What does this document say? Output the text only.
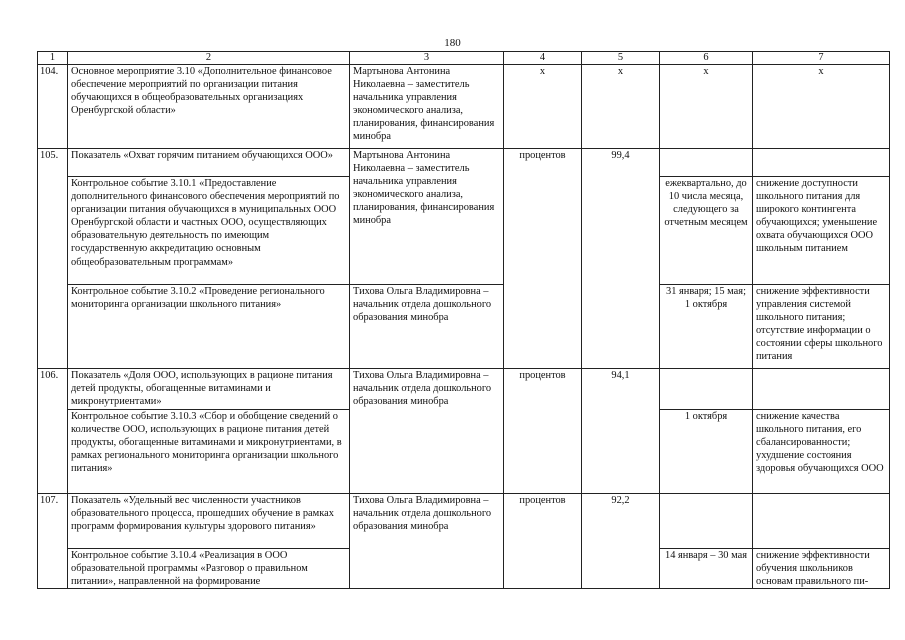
180
1	2	3	4	5	6	7
104.	Основное мероприятие 3.10 «Дополнительное финансовое обеспечение мероприятий по организации питания обучающихся в общеобразовательных организациях Оренбургской области»	Мартынова Антонина Николаевна – заместитель начальника управления экономического анализа, планирования, финансирования минобра	х	х	х	х
105.	Показатель «Охват горячим питанием обучающихся ООО»	Мартынова Антонина Николаевна – заместитель начальника управления экономического анализа, планирования, финансирования минобра	процентов	99,4		
	Контрольное событие 3.10.1 «Предоставление дополнительного финансового обеспечения мероприятий по организации питания обучающихся в муниципальных ООО Оренбургской области и частных ООО, осуществляющих образовательную деятельность по имеющим государственную аккредитацию основным общеобразовательным программам»				ежеквартально, до 10 числа месяца, следующего за отчетным месяцем	снижение доступности школьного питания для широкого контингента обучающихся; уменьшение охвата обучающихся ООО школьным питанием
	Контрольное событие 3.10.2 «Проведение регионального мониторинга организации школьного питания»	Тихова Ольга Владимировна – начальник отдела дошкольного образования минобра			31 января; 15 мая; 1 октября	снижение эффективности управления системой школьного питания; отсутствие информации о состоянии сферы школьного питания
106.	Показатель «Доля ООО, использующих в рационе питания детей продукты, обогащенные витаминами и микронутриентами»	Тихова Ольга Владимировна – начальник отдела дошкольного образования минобра	процентов	94,1		
	Контрольное событие 3.10.3 «Сбор и обобщение сведений о количестве ООО, использующих в рационе питания детей продукты, обогащенные витаминами и микронутриентами, в рамках регионального мониторинга организации школьного питания»				1 октября	снижение качества школьного питания, его сбалансированности; ухудшение состояния здоровья обучающихся ООО
107.	Показатель «Удельный вес численности участников образовательного процесса, прошедших обучение в рамках программ формирования культуры здорового питания»	Тихова Ольга Владимировна – начальник отдела дошкольного образования минобра	процентов	92,2		
	Контрольное событие 3.10.4 «Реализация в ООО образовательной программы «Разговор о правильном питании», направленной на формирование				14 января – 30 мая	снижение эффективности обучения школьников основам правильного пи-
